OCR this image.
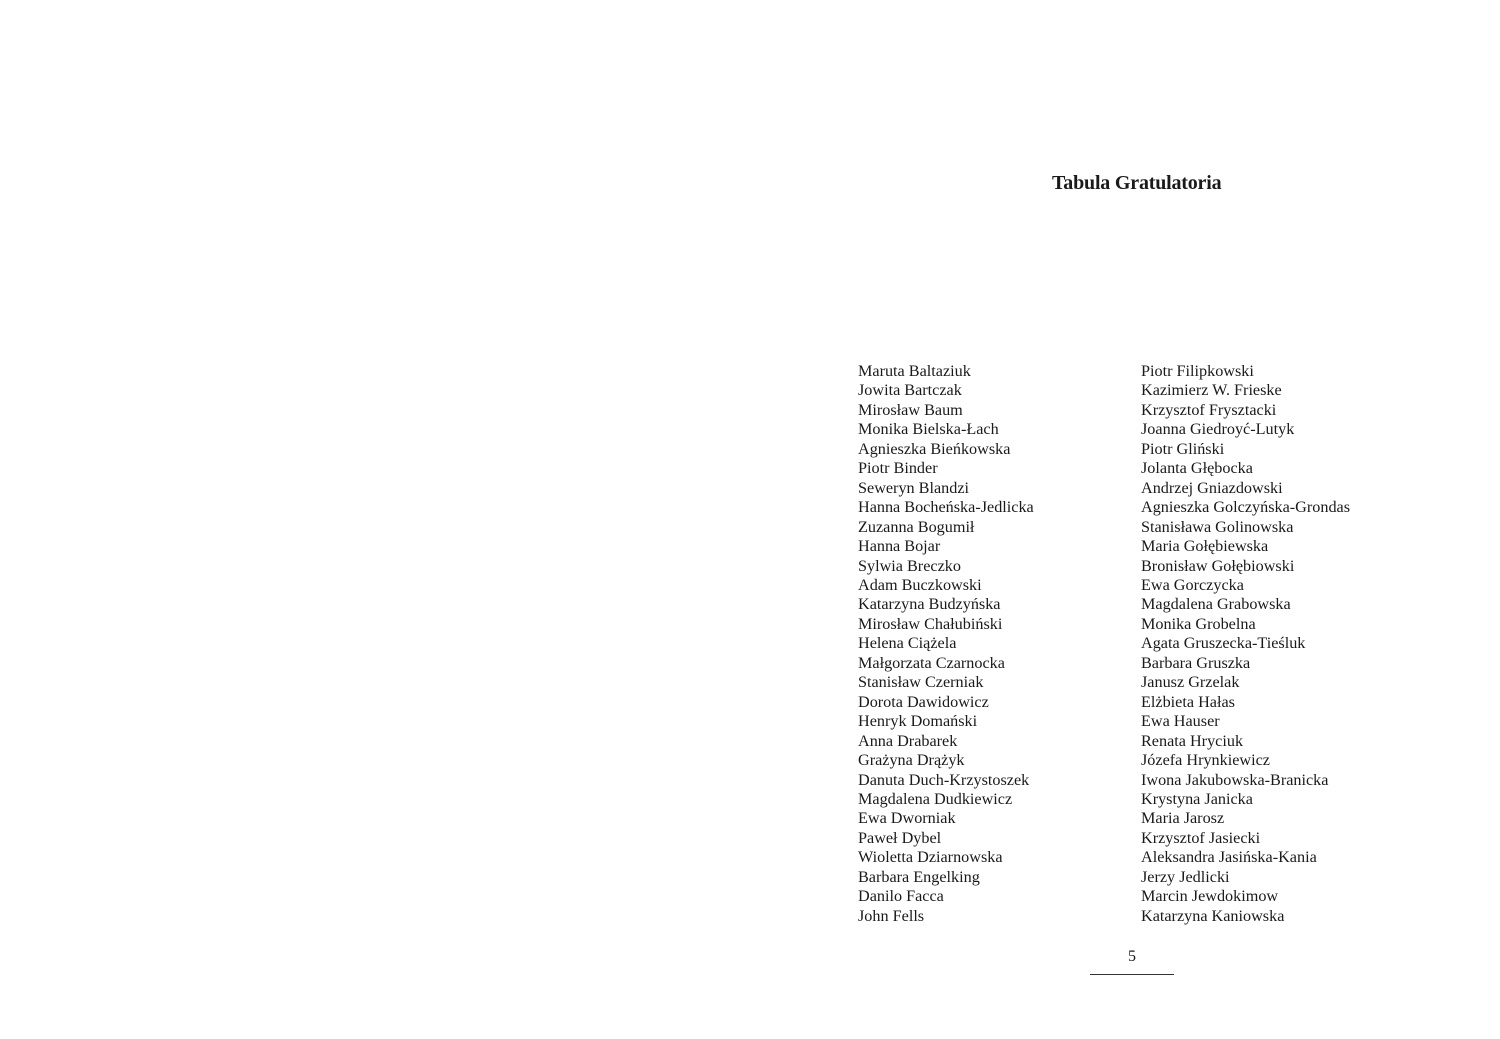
Tabula Gratulatoria
Maruta Baltaziuk
Jowita Bartczak
Mirosław Baum
Monika Bielska-Łach
Agnieszka Bieńkowska
Piotr Binder
Seweryn Blandzi
Hanna Bocheńska-Jedlicka
Zuzanna Bogumił
Hanna Bojar
Sylwia Breczko
Adam Buczkowski
Katarzyna Budzyńska
Mirosław Chałubiński
Helena Ciążela
Małgorzata Czarnocka
Stanisław Czerniak
Dorota Dawidowicz
Henryk Domański
Anna Drabarek
Grażyna Drążyk
Danuta Duch-Krzystoszek
Magdalena Dudkiewicz
Ewa Dworniak
Paweł Dybel
Wioletta Dziarnowska
Barbara Engelking
Danilo Facca
John Fells
Piotr Filipkowski
Kazimierz W. Frieske
Krzysztof Frysztacki
Joanna Giedroyć-Lutyk
Piotr Gliński
Jolanta Głębocka
Andrzej Gniazdowski
Agnieszka Golczyńska-Grondas
Stanisława Golinowska
Maria Gołębiewska
Bronisław Gołębiowski
Ewa Gorczycka
Magdalena Grabowska
Monika Grobelna
Agata Gruszecka-Tieśluk
Barbara Gruszka
Janusz Grzelak
Elżbieta Hałas
Ewa Hauser
Renata Hryciuk
Józefa Hrynkiewicz
Iwona Jakubowska-Branicka
Krystyna Janicka
Maria Jarosz
Krzysztof Jasiecki
Aleksandra Jasińska-Kania
Jerzy Jedlicki
Marcin Jewdokimow
Katarzyna Kaniowska
5
